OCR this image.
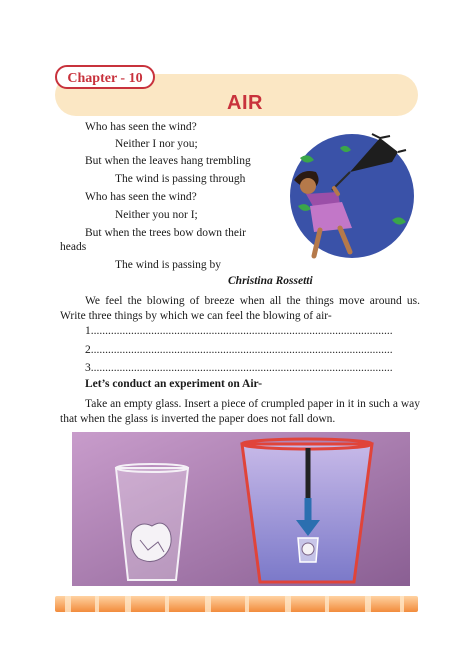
Chapter - 10
AIR
Who has seen the wind?
Neither I nor you;
But when the leaves hang trembling
The wind is passing through
Who has seen the wind?
Neither you nor I;
But when the trees bow down their
heads
The wind is passing by
Christina Rossetti
We feel the blowing of breeze when all the things move around us. Write three things by which we can feel the blowing of air-
1.........................................................................................................
2.........................................................................................................
3.........................................................................................................
Let’s conduct an experiment on Air-
Take an empty glass. Insert a piece of crumpled paper in it in such a way that when the glass is inverted the paper does not fall down.
